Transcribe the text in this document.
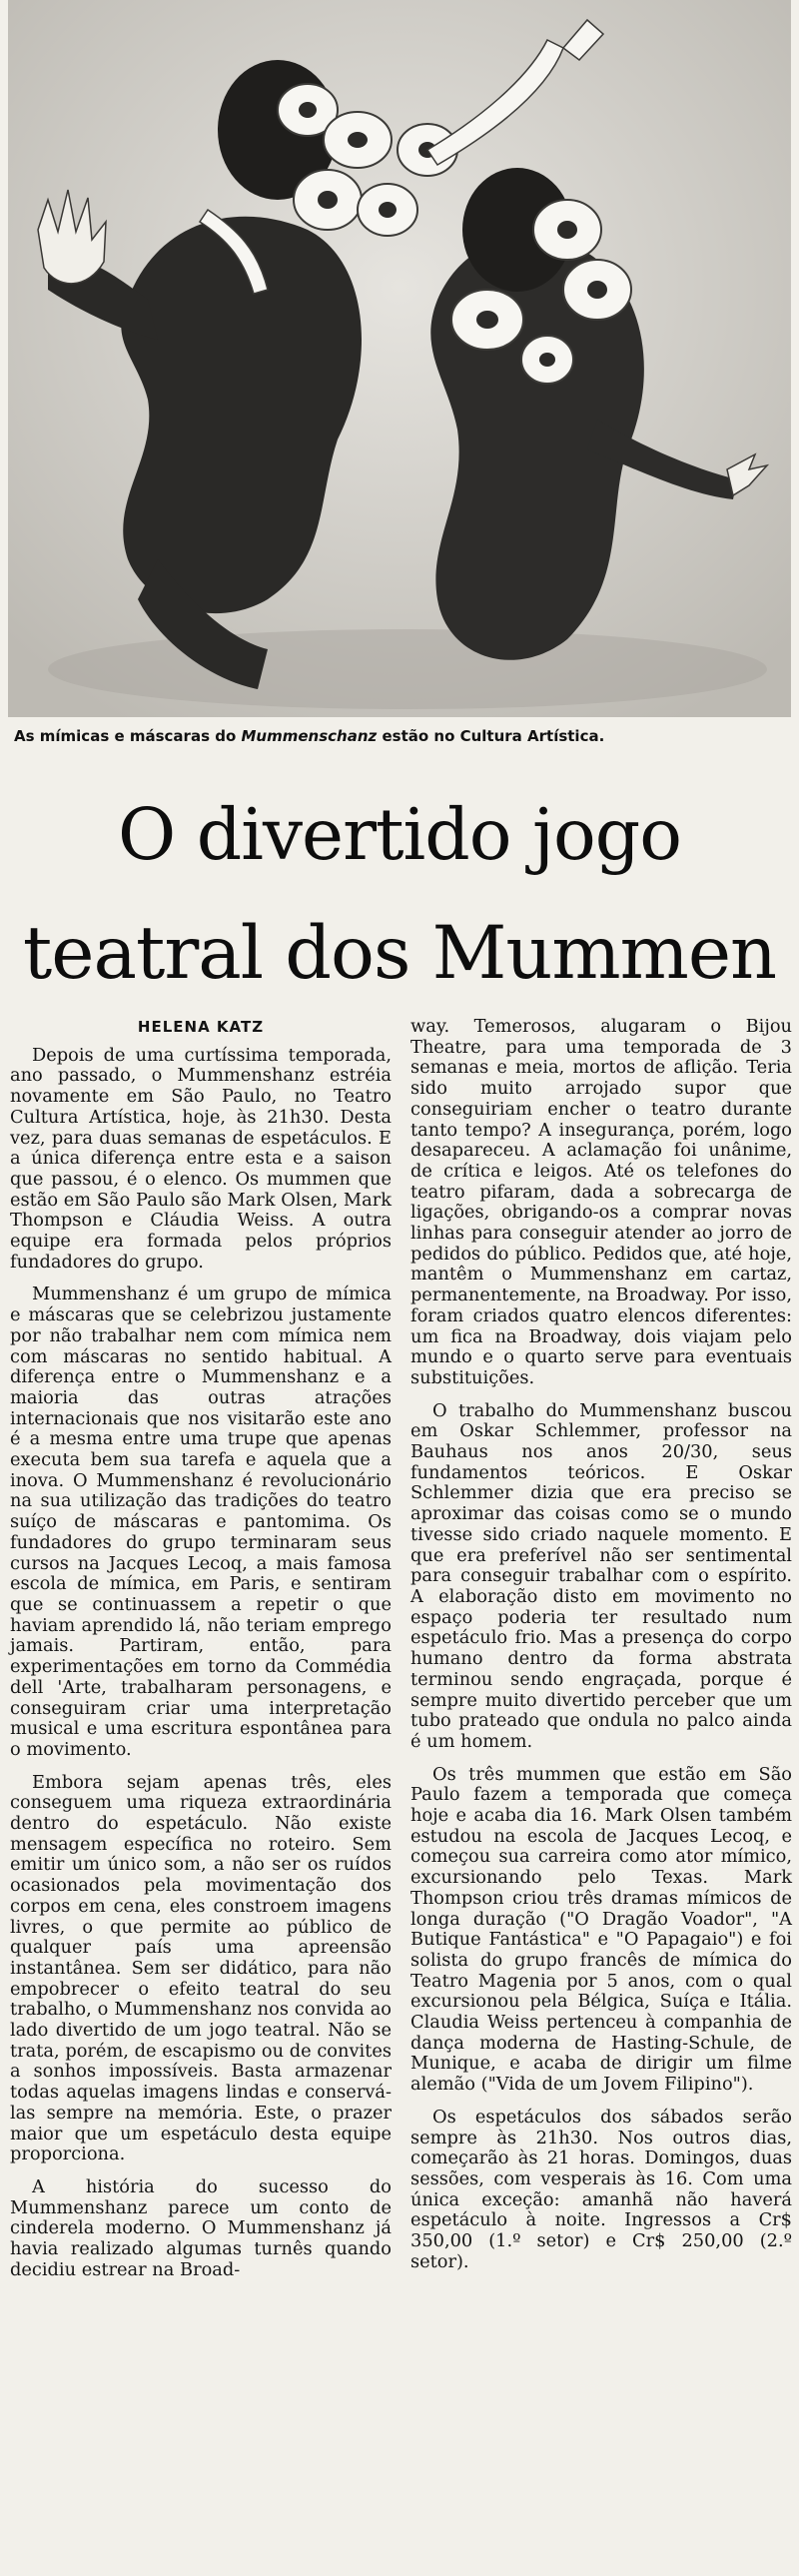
As mímicas e máscaras do Mummenschanz estão no Cultura Artística.
O divertido jogo
teatral dos Mummen
HELENA KATZ

Depois de uma curtíssima temporada, ano passado, o Mummenshanz estréia novamente em São Paulo, no Teatro Cultura Artística, hoje, às 21h30. Desta vez, para duas semanas de espetáculos. E a única diferença entre esta e a saison que passou, é o elenco. Os mummen que estão em São Paulo são Mark Olsen, Mark Thompson e Cláudia Weiss. A outra equipe era formada pelos próprios fundadores do grupo.

Mummenshanz é um grupo de mímica e máscaras que se celebrizou justamente por não trabalhar nem com mímica nem com máscaras no sentido habitual. A diferença entre o Mummenshanz e a maioria das outras atrações internacionais que nos visitarão este ano é a mesma entre uma trupe que apenas executa bem sua tarefa e aquela que a inova. O Mummenshanz é revolucionário na sua utilização das tradições do teatro suíço de máscaras e pantomima. Os fundadores do grupo terminaram seus cursos na Jacques Lecoq, a mais famosa escola de mímica, em Paris, e sentiram que se continuassem a repetir o que haviam aprendido lá, não teriam emprego jamais. Partiram, então, para experimentações em torno da Commédia dell 'Arte, trabalharam personagens, e conseguiram criar uma interpretação musical e uma escritura espontânea para o movimento.

Embora sejam apenas três, eles conseguem uma riqueza extraordinária dentro do espetáculo. Não existe mensagem específica no roteiro. Sem emitir um único som, a não ser os ruídos ocasionados pela movimentação dos corpos em cena, eles constroem imagens livres, o que permite ao público de qualquer país uma apreensão instantânea. Sem ser didático, para não empobrecer o efeito teatral do seu trabalho, o Mummenshanz nos convida ao lado divertido de um jogo teatral. Não se trata, porém, de escapismo ou de convites a sonhos impossíveis. Basta armazenar todas aquelas imagens lindas e conservá-las sempre na memória. Este, o prazer maior que um espetáculo desta equipe proporciona.

A história do sucesso do Mummenshanz parece um conto de cinderela moderno. O Mummenshanz já havia realizado algumas turnês quando decidiu estrear na Broad-

way. Temerosos, alugaram o Bijou Theatre, para uma temporada de 3 semanas e meia, mortos de aflição. Teria sido muito arrojado supor que conseguiriam encher o teatro durante tanto tempo? A insegurança, porém, logo desapareceu. A aclamação foi unânime, de crítica e leigos. Até os telefones do teatro pifaram, dada a sobrecarga de ligações, obrigando-os a comprar novas linhas para conseguir atender ao jorro de pedidos do público. Pedidos que, até hoje, mantêm o Mummenshanz em cartaz, permanentemente, na Broadway. Por isso, foram criados quatro elencos diferentes: um fica na Broadway, dois viajam pelo mundo e o quarto serve para eventuais substituições.

O trabalho do Mummenshanz buscou em Oskar Schlemmer, professor na Bauhaus nos anos 20/30, seus fundamentos teóricos. E Oskar Schlemmer dizia que era preciso se aproximar das coisas como se o mundo tivesse sido criado naquele momento. E que era preferível não ser sentimental para conseguir trabalhar com o espírito. A elaboração disto em movimento no espaço poderia ter resultado num espetáculo frio. Mas a presença do corpo humano dentro da forma abstrata terminou sendo engraçada, porque é sempre muito divertido perceber que um tubo prateado que ondula no palco ainda é um homem.

Os três mummen que estão em São Paulo fazem a temporada que começa hoje e acaba dia 16. Mark Olsen também estudou na escola de Jacques Lecoq, e começou sua carreira como ator mímico, excursionando pelo Texas. Mark Thompson criou três dramas mímicos de longa duração ("O Dragão Voador", "A Butique Fantástica" e "O Papagaio") e foi solista do grupo francês de mímica do Teatro Magenia por 5 anos, com o qual excursionou pela Bélgica, Suíça e Itália. Claudia Weiss pertenceu à companhia de dança moderna de Hasting-Schule, de Munique, e acaba de dirigir um filme alemão ("Vida de um Jovem Filipino").

Os espetáculos dos sábados serão sempre às 21h30. Nos outros dias, começarão às 21 horas. Domingos, duas sessões, com vesperais às 16. Com uma única exceção: amanhã não haverá espetáculo à noite. Ingressos a Cr$ 350,00 (1.º setor) e Cr$ 250,00 (2.º setor).
